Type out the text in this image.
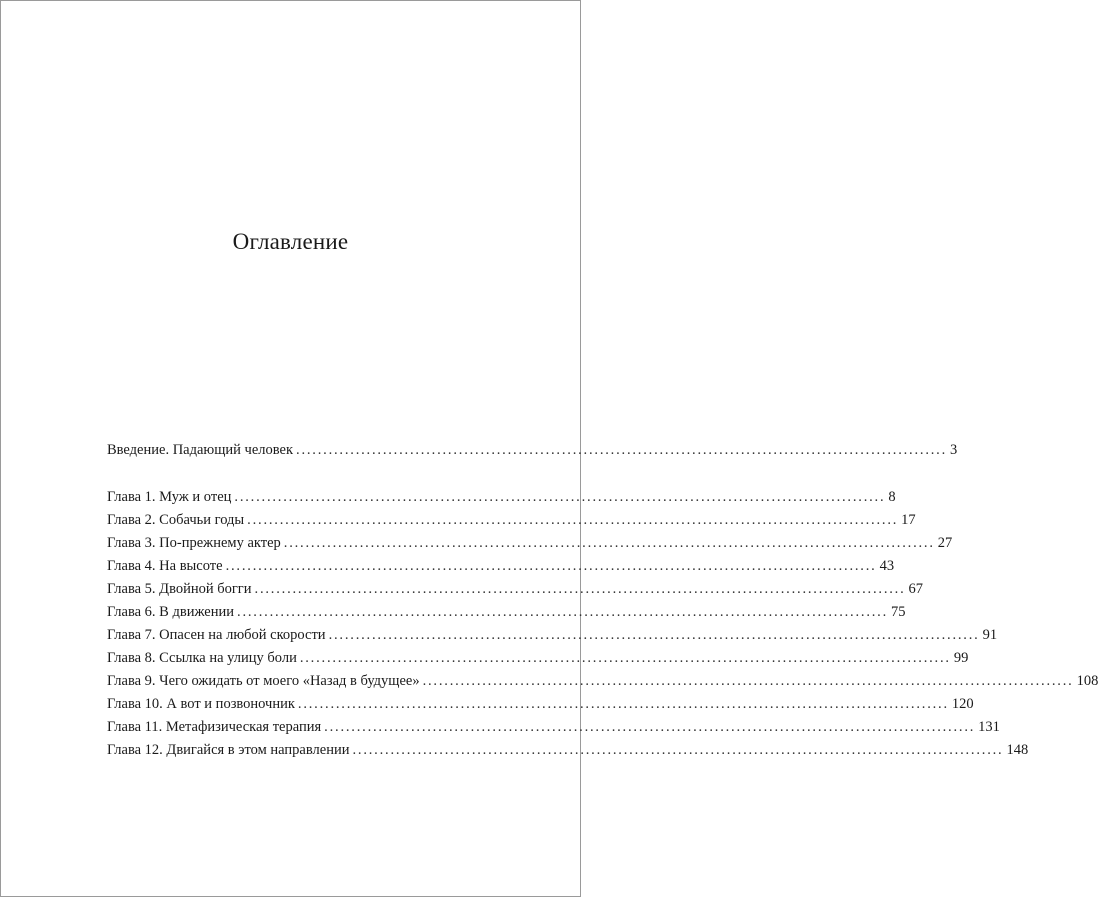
Оглавление
Введение. Падающий человек ........................................................................................................................ 3
Глава 1. Муж и отец ........................................................................................................................ 8
Глава 2. Собачьи годы ........................................................................................................................ 17
Глава 3. По-прежнему актер ........................................................................................................................ 27
Глава 4. На высоте ........................................................................................................................ 43
Глава 5. Двойной богги ........................................................................................................................ 67
Глава 6. В движении ........................................................................................................................ 75
Глава 7. Опасен на любой скорости ........................................................................................................................ 91
Глава 8. Ссылка на улицу боли ........................................................................................................................ 99
Глава 9. Чего ожидать от моего «Назад в будущее» ........................................................................................................................ 108
Глава 10. А вот и позвоночник ........................................................................................................................ 120
Глава 11. Метафизическая терапия ........................................................................................................................ 131
Глава 12. Двигайся в этом направлении ........................................................................................................................ 148
